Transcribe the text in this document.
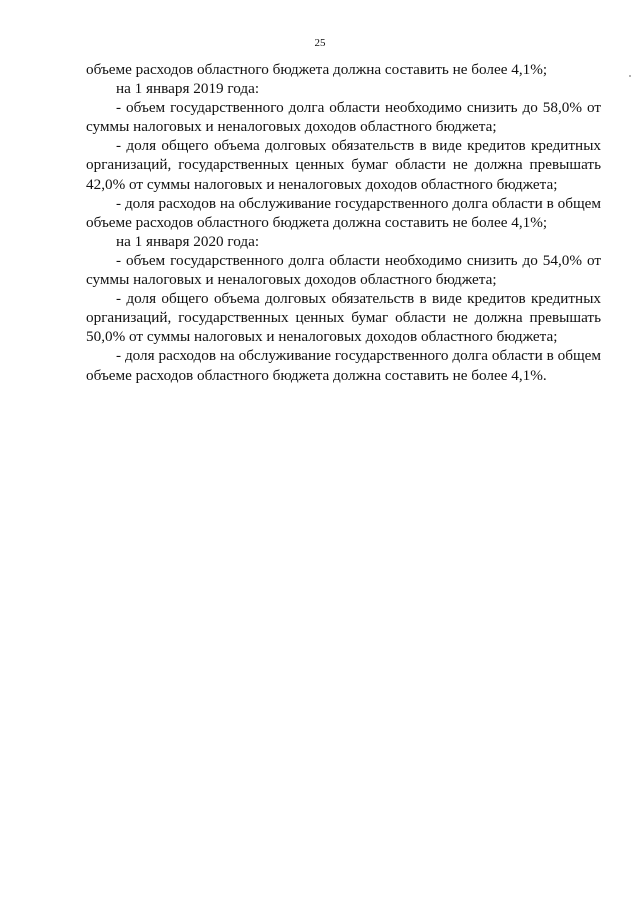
25

объеме расходов областного бюджета должна составить не более 4,1%;

на 1 января 2019 года:

- объем государственного долга области необходимо снизить до 58,0% от суммы налоговых и неналоговых доходов областного бюджета;

- доля общего объема долговых обязательств в виде кредитов кредитных организаций, государственных ценных бумаг области не должна превышать 42,0% от суммы налоговых и неналоговых доходов областного бюджета;

- доля расходов на обслуживание государственного долга области в общем объеме расходов областного бюджета должна составить не более 4,1%;

на 1 января 2020 года:

- объем государственного долга области необходимо снизить до 54,0% от суммы налоговых и неналоговых доходов областного бюджета;

- доля общего объема долговых обязательств в виде кредитов кредитных организаций, государственных ценных бумаг области не должна превышать 50,0% от суммы налоговых и неналоговых доходов областного бюджета;

- доля расходов на обслуживание государственного долга области в общем объеме расходов областного бюджета должна составить не более 4,1%.
